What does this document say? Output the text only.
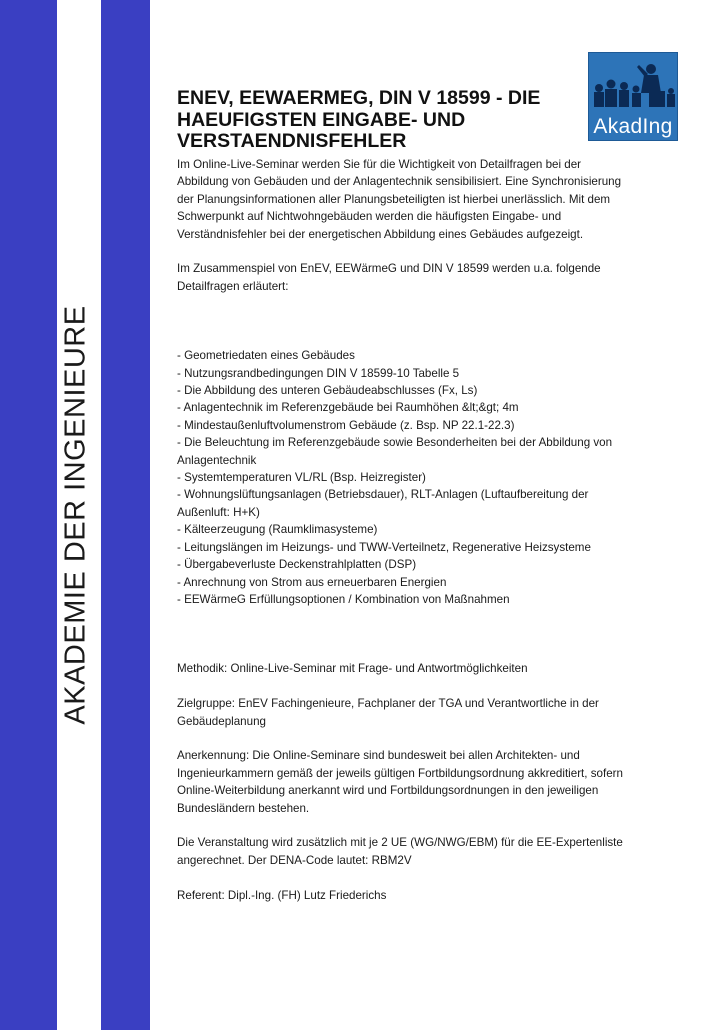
AKADEMIE DER INGENIEURE
AkadIng
ENEV, EEWAERMEG, DIN V 18599 - DIE HAEUFIGSTEN EINGABE- UND VERSTAENDNISFEHLER

Im Online-Live-Seminar werden Sie für die Wichtigkeit von Detailfragen bei der Abbildung von Gebäuden und der Anlagentechnik sensibilisiert. Eine Synchronisierung der Planungsinformationen aller Planungsbeteiligten ist hierbei unerlässlich. Mit dem Schwerpunkt auf Nichtwohngebäuden werden die häufigsten Eingabe- und Verständnisfehler bei der energetischen Abbildung eines Gebäudes aufgezeigt.

Im Zusammenspiel von EnEV, EEWärmeG und DIN V 18599 werden u.a. folgende Detailfragen erläutert:

- Geometriedaten eines Gebäudes
- Nutzungsrandbedingungen DIN V 18599-10 Tabelle 5
- Die Abbildung des unteren Gebäudeabschlusses (Fx, Ls)
- Anlagentechnik im Referenzgebäude bei Raumhöhen &lt;&gt; 4m
- Mindestaußenluftvolumenstrom Gebäude (z. Bsp. NP 22.1-22.3)
- Die Beleuchtung im Referenzgebäude sowie Besonderheiten bei der Abbildung von Anlagentechnik
- Systemtemperaturen VL/RL (Bsp. Heizregister)
- Wohnungslüftungsanlagen (Betriebsdauer), RLT-Anlagen (Luftaufbereitung der Außenluft: H+K)
- Kälteerzeugung (Raumklimasysteme)
- Leitungslängen im Heizungs- und TWW-Verteilnetz, Regenerative Heizsysteme
- Übergabeverluste Deckenstrahlplatten (DSP)
- Anrechnung von Strom aus erneuerbaren Energien
- EEWärmeG Erfüllungsoptionen / Kombination von Maßnahmen

Methodik: Online-Live-Seminar mit Frage- und Antwortmöglichkeiten

Zielgruppe: EnEV Fachingenieure, Fachplaner der TGA und Verantwortliche in der Gebäudeplanung

Anerkennung: Die Online-Seminare sind bundesweit bei allen Architekten- und Ingenieurkammern gemäß der jeweils gültigen Fortbildungsordnung akkreditiert, sofern Online-Weiterbildung anerkannt wird und Fortbildungsordnungen in den jeweiligen Bundesländern bestehen.

Die Veranstaltung wird zusätzlich mit je 2 UE (WG/NWG/EBM) für die EE-Expertenliste angerechnet. Der DENA-Code lautet: RBM2V

Referent: Dipl.-Ing. (FH) Lutz Friederichs
